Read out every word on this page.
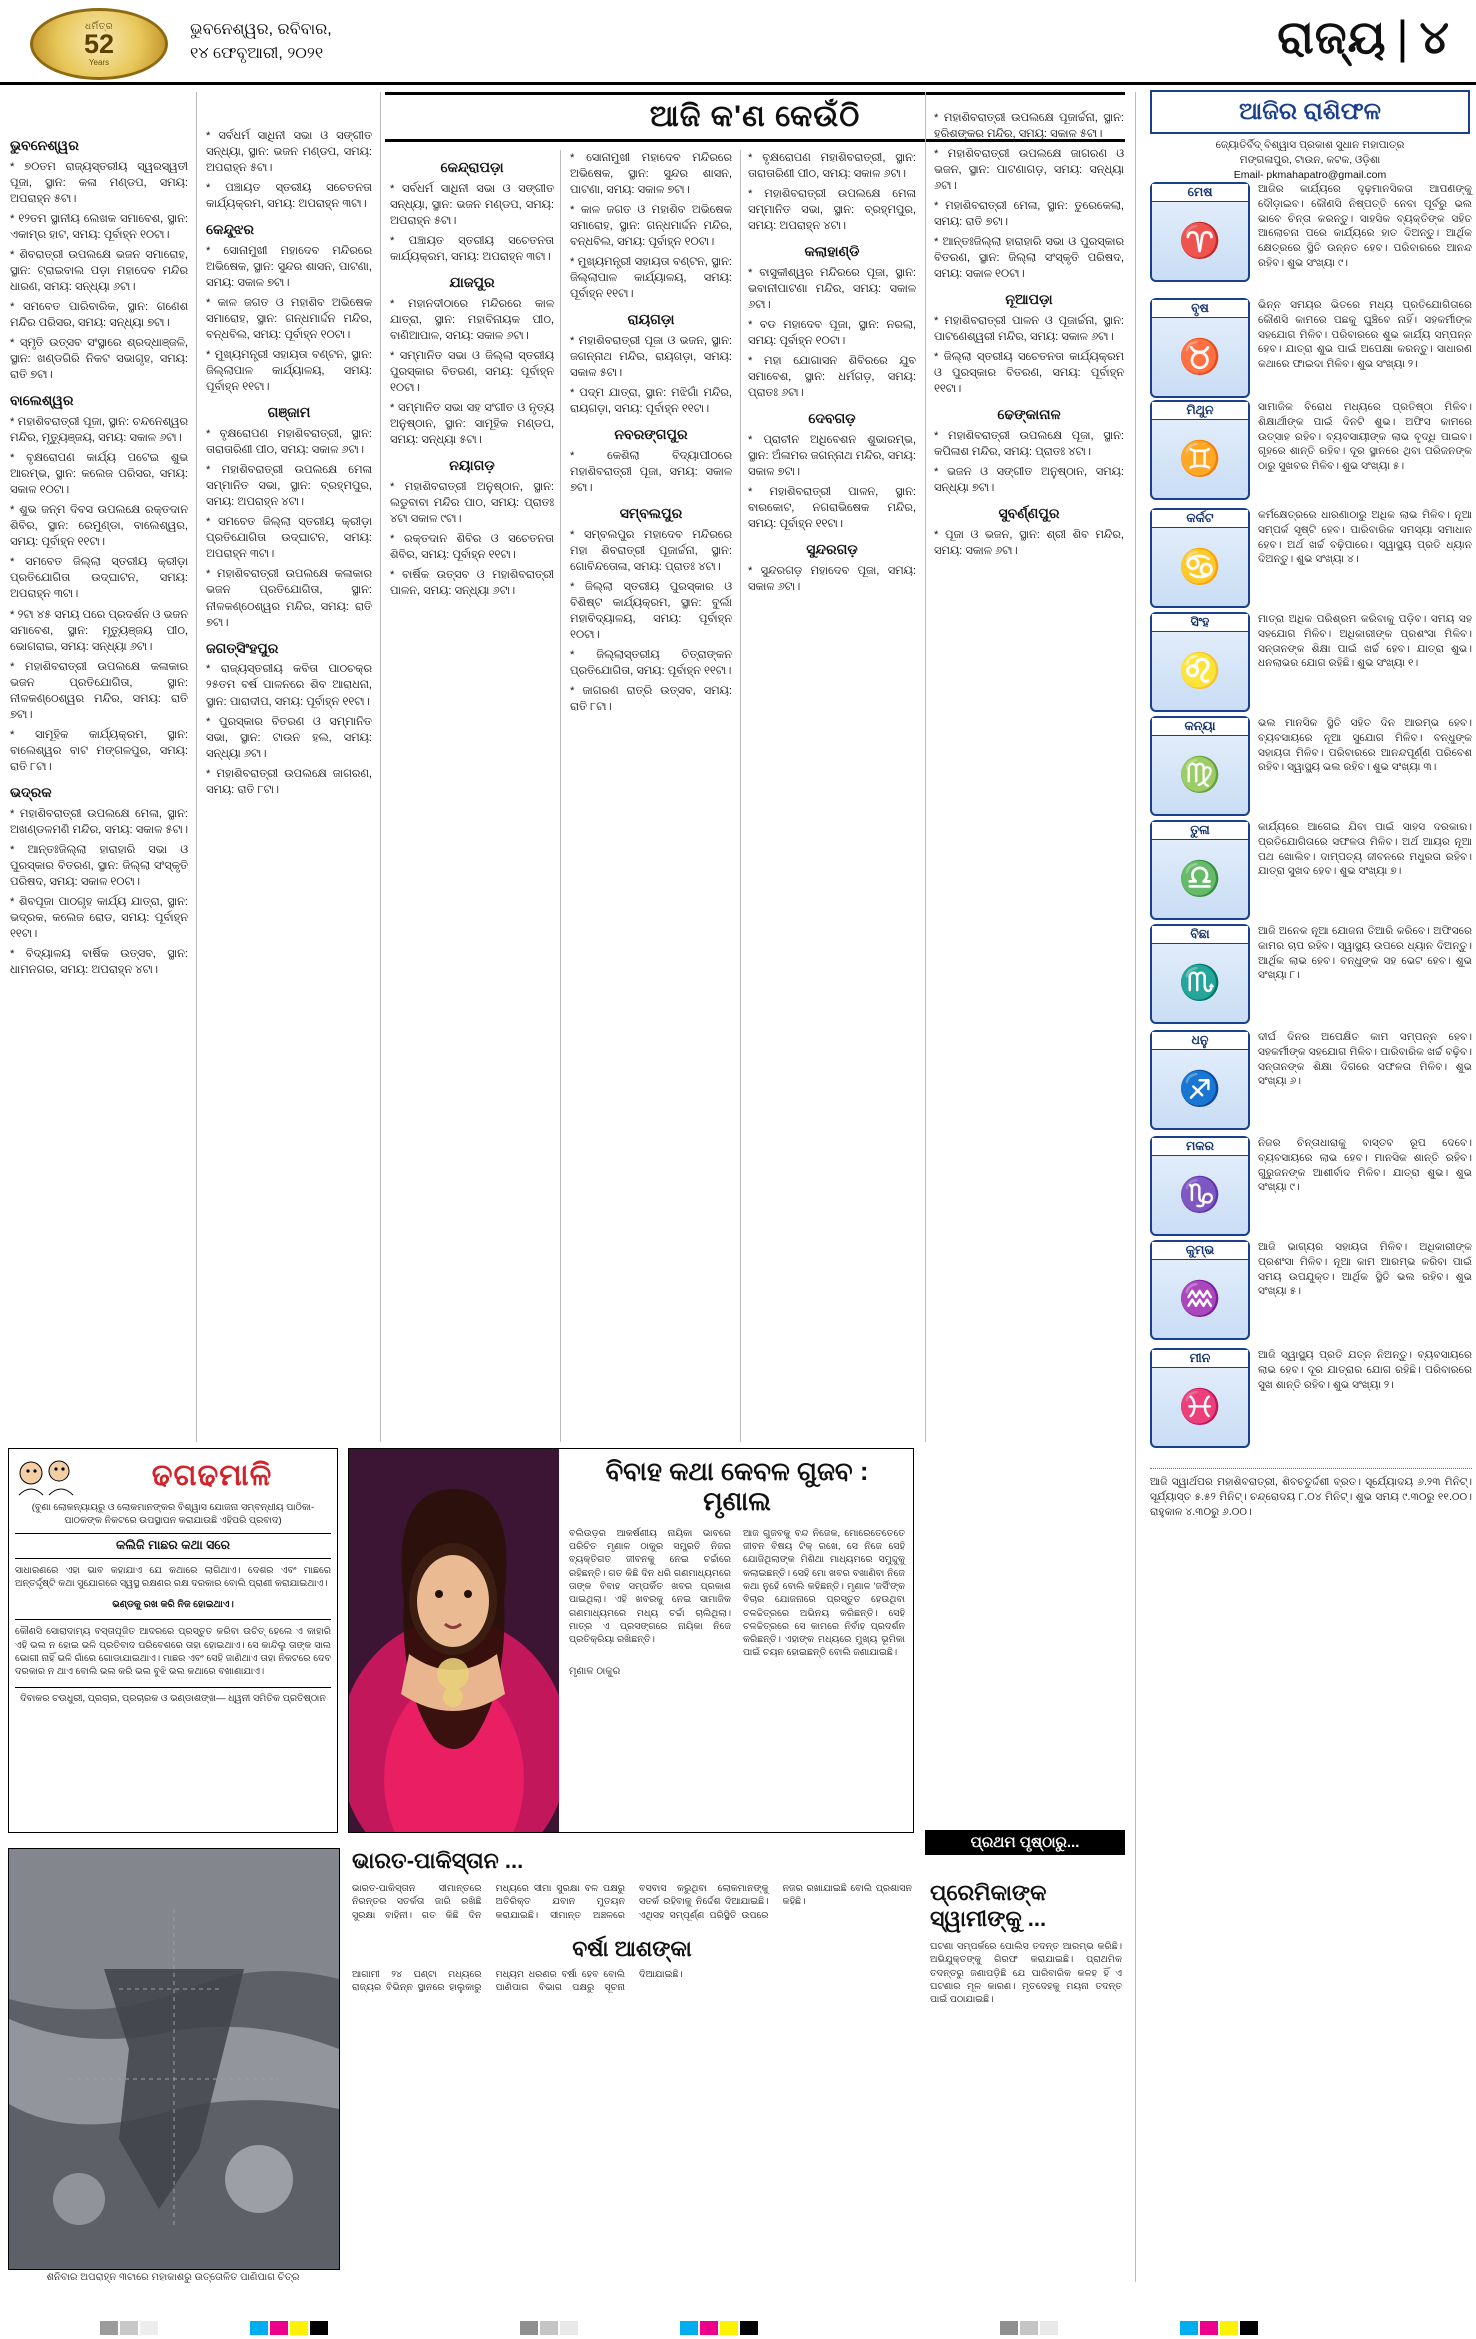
ଧର୍ମିତ୍ର
52
Years
ଭୁବନେଶ୍ୱର, ରବିବାର,
୧୪ ଫେବୃଆରୀ, ୨୦୨୧	ରାଜ୍ୟ | ୪
ଆଜି କ'ଣ କେଉଁଠି
ଭୁବନେଶ୍ୱର

* ୭୦ତମ ରାଜ୍ୟସ୍ତରୀୟ ସ୍ୱରସ୍ୱତୀ ପୂଜା, ସ୍ଥାନ: କଳା ମଣ୍ଡପ, ସମୟ: ଅପରାହ୍ନ ୫ଟା।

* ୧୨ତମ ସ୍ଥାନୀୟ ଲେଖକ ସମାବେଶ, ସ୍ଥାନ: ଏକାମ୍ର ହାଟ, ସମୟ: ପୂର୍ବାହ୍ନ ୧୦ଟା।

* ଶିବରାତ୍ରୀ ଉପଲକ୍ଷେ ଭଜନ ସମାରୋହ, ସ୍ଥାନ: ଟ୍ରାଇବାଲ ପଡ଼ା ମହାଦେବ ମନ୍ଦିର ଧାରଣ, ସମୟ: ସନ୍ଧ୍ୟା ୬ଟା।

* ସମବେତ ପାରିବାରିକ, ସ୍ଥାନ: ଗଣେଶ ମନ୍ଦିର ପରିସର, ସମୟ: ସନ୍ଧ୍ୟା ୭ଟା।

* ସ୍ମୃତି ଉତ୍ସବ ସଂସ୍ଥାରେ ଶ୍ରଦ୍ଧାଞ୍ଜଳି, ସ୍ଥାନ: ଖଣ୍ଡଗିରି ନିକଟ ସଭାଗୃହ, ସମୟ: ରାତି ୭ଟା।

ବାଲେଶ୍ୱର

* ମହାଶିବରାତ୍ରୀ ପୂଜା, ସ୍ଥାନ: ଚନ୍ଦନେଶ୍ୱର ମନ୍ଦିର, ମୃତ୍ୟୁଞ୍ଜୟ, ସମୟ: ସକାଳ ୬ଟା।

* ବୃକ୍ଷରୋପଣ କାର୍ଯ୍ୟ ପଟେଇ ଶୁଭ ଆରମ୍ଭ, ସ୍ଥାନ: କଲେଜ ପରିସର, ସମୟ: ସକାଳ ୧୦ଟା।

* ଶୁଭ ଜନ୍ମ ଦିବସ ଉପଲକ୍ଷେ ରକ୍ତଦାନ ଶିବିର, ସ୍ଥାନ: ରେମୁଣ୍ଡା, ବାଲେଶ୍ୱର, ସମୟ: ପୂର୍ବାହ୍ନ ୧୧ଟା।

* ସମବେତ ଜିଲ୍ଲା ସ୍ତରୀୟ କ୍ରୀଡ଼ା ପ୍ରତିଯୋଗିତା ଉଦ୍‌ଘାଟନ, ସମୟ: ଅପରାହ୍ନ ୩ଟା।

* ୨ଟା ୪୫ ସମୟ ପରେ ପ୍ରଦର୍ଶନ ଓ ଭଜନ ସମାବେଶ, ସ୍ଥାନ: ମୃତ୍ୟୁଞ୍ଜୟ ପୀଠ, ଭୋଗରାଇ, ସମୟ: ସନ୍ଧ୍ୟା ୬ଟା।

* ମହାଶିବରାତ୍ରୀ ଉପଲକ୍ଷେ କଳାକାର ଭଜନ ପ୍ରତିଯୋଗିତା, ସ୍ଥାନ: ନୀଳକଣ୍ଠେଶ୍ୱର ମନ୍ଦିର, ସମୟ: ରାତି ୭ଟା।

* ସାମୂହିକ କାର୍ଯ୍ୟକ୍ରମ, ସ୍ଥାନ: ବାଲେଶ୍ୱର ବାଟ ମଙ୍ଗଳପୁର, ସମୟ: ରାତି ୮ଟା।

ଭଦ୍ରକ

* ମହାଶିବରାତ୍ରୀ ଉପଲକ୍ଷେ ମେଳା, ସ୍ଥାନ: ଅଖଣ୍ଡଳମଣି ମନ୍ଦିର, ସମୟ: ସକାଳ ୫ଟା।

* ଆନ୍ତଃଜିଲ୍ଲା ହାରାହାରି ସଭା ଓ ପୁରସ୍କାର ବିତରଣ, ସ୍ଥାନ: ଜିଲ୍ଲା ସଂସ୍କୃତି ପରିଷଦ, ସମୟ: ସକାଳ ୧୦ଟା।

* ଶିବପୂଜା ପାଠଗୃହ କାର୍ଯ୍ୟ ଯାତ୍ରା, ସ୍ଥାନ: ଭଦ୍ରକ, କଲେଜ ରୋଡ, ସମୟ: ପୂର୍ବାହ୍ନ ୧୧ଟା।

* ବିଦ୍ୟାଳୟ ବାର୍ଷିକ ଉତ୍ସବ, ସ୍ଥାନ: ଧାମନଗର, ସମୟ: ଅପରାହ୍ନ ୪ଟା।

* ସର୍ବଧର୍ମ ସାଧିନୀ ସଭା ଓ ସଙ୍ଗୀତ ସନ୍ଧ୍ୟା, ସ୍ଥାନ: ଭଜନ ମଣ୍ଡପ, ସମୟ: ଅପରାହ୍ନ ୫ଟା।

* ପଞ୍ଚାୟତ ସ୍ତରୀୟ ସଚେତନତା କାର୍ଯ୍ୟକ୍ରମ, ସମୟ: ଅପରାହ୍ନ ୩ଟା।

କେନ୍ଦୁଝର

* ସୋନାମୁଖୀ ମହାଦେବ ମନ୍ଦିରରେ ଅଭିଷେକ, ସ୍ଥାନ: ସୁନ୍ଦର ଶାସନ, ପାଟଣା, ସମୟ: ସକାଳ ୭ଟା।

* କାଳ ଜଗତ ଓ ମହାଶିବ ଅଭିଷେକ ସମାରୋହ, ସ୍ଥାନ: ଗନ୍ଧମାର୍ଦ୍ଦନ ମନ୍ଦିର, ବନ୍ଧବିଲ, ସମୟ: ପୂର୍ବାହ୍ନ ୧୦ଟା।

* ମୁଖ୍ୟମନ୍ତ୍ରୀ ସହାୟତା ବଣ୍ଟନ, ସ୍ଥାନ: ଜିଲ୍ଲାପାଳ କାର୍ଯ୍ୟାଳୟ, ସମୟ: ପୂର୍ବାହ୍ନ ୧୧ଟା।

ଗଞ୍ଜାମ

* ବୃକ୍ଷରୋପଣ ମହାଶିବରାତ୍ରୀ, ସ୍ଥାନ: ତାରାତାରିଣୀ ପୀଠ, ସମୟ: ସକାଳ ୬ଟା।

* ମହାଶିବରାତ୍ରୀ ଉପଲକ୍ଷେ ମେଳା ସମ୍ମାନିତ ସଭା, ସ୍ଥାନ: ବ୍ରହ୍ମପୁର, ସମୟ: ଅପରାହ୍ନ ୪ଟା।

* ସମବେତ ଜିଲ୍ଲା ସ୍ତରୀୟ କ୍ରୀଡ଼ା ପ୍ରତିଯୋଗିତା ଉଦ୍‌ଘାଟନ, ସମୟ: ଅପରାହ୍ନ ୩ଟା।

* ମହାଶିବରାତ୍ରୀ ଉପଲକ୍ଷେ କଳାକାର ଭଜନ ପ୍ରତିଯୋଗିତା, ସ୍ଥାନ: ନୀଳକଣ୍ଠେଶ୍ୱର ମନ୍ଦିର, ସମୟ: ରାତି ୭ଟା।

ଜଗତ୍‌ସିଂହପୁର

* ରାଜ୍ୟସ୍ତରୀୟ କବିତା ପାଠଚକ୍ର ୨୫ତମ ବର୍ଷ ପାଳନରେ ଶିବ ଆରାଧନା, ସ୍ଥାନ: ପାରାଦୀପ, ସମୟ: ପୂର୍ବାହ୍ନ ୧୧ଟା।

* ପୁରସ୍କାର ବିତରଣ ଓ ସମ୍ମାନିତ ସଭା, ସ୍ଥାନ: ଟାଉନ ହଲ, ସମୟ: ସନ୍ଧ୍ୟା ୬ଟା।

* ମହାଶିବରାତ୍ରୀ ଉପଲକ୍ଷେ ଜାଗରଣ, ସମୟ: ରାତି ୮ଟା।

କେନ୍ଦ୍ରାପଡ଼ା

* ସର୍ବଧର୍ମ ସାଧିନୀ ସଭା ଓ ସଙ୍ଗୀତ ସନ୍ଧ୍ୟା, ସ୍ଥାନ: ଭଜନ ମଣ୍ଡପ, ସମୟ: ଅପରାହ୍ନ ୫ଟା।

* ପଞ୍ଚାୟତ ସ୍ତରୀୟ ସଚେତନତା କାର୍ଯ୍ୟକ୍ରମ, ସମୟ: ଅପରାହ୍ନ ୩ଟା।

ଯାଜପୁର

* ମହାନଦୀଠାରେ ମନ୍ଦିରରେ କାଳ ଯାତ୍ରା, ସ୍ଥାନ: ମହାବିନାୟକ ପୀଠ, ବାଣିଆପାଳ, ସମୟ: ସକାଳ ୬ଟା।

* ସମ୍ମାନିତ ସଭା ଓ ଜିଲ୍ଲା ସ୍ତରୀୟ ପୁରସ୍କାର ବିତରଣ, ସମୟ: ପୂର୍ବାହ୍ନ ୧୦ଟା।

* ସମ୍ମାନିତ ସଭା ସହ ସଂଗୀତ ଓ ନୃତ୍ୟ ଅନୁଷ୍ଠାନ, ସ୍ଥାନ: ସାମୂହିକ ମଣ୍ଡପ, ସମୟ: ସନ୍ଧ୍ୟା ୫ଟା।

ନୟାଗଡ଼

* ମହାଶିବରାତ୍ରୀ ଅନୁଷ୍ଠାନ, ସ୍ଥାନ: ଲଡୁବାବା ମନ୍ଦିର ପାଠ, ସମୟ: ପ୍ରାତଃ ୪ଟା ସକାଳ ୯ଟା।

* ରକ୍ତଦାନ ଶିବିର ଓ ସଚେତନତା ଶିବିର, ସମୟ: ପୂର୍ବାହ୍ନ ୧୧ଟା।

* ବାର୍ଷିକ ଉତ୍ସବ ଓ ମହାଶିବରାତ୍ରୀ ପାଳନ, ସମୟ: ସନ୍ଧ୍ୟା ୬ଟା।

* ସୋନାମୁଖୀ ମହାଦେବ ମନ୍ଦିରରେ ଅଭିଷେକ, ସ୍ଥାନ: ସୁନ୍ଦର ଶାସନ, ପାଟଣା, ସମୟ: ସକାଳ ୭ଟା।

* କାଳ ଜଗତ ଓ ମହାଶିବ ଅଭିଷେକ ସମାରୋହ, ସ୍ଥାନ: ଗନ୍ଧମାର୍ଦ୍ଦନ ମନ୍ଦିର, ବନ୍ଧବିଲ, ସମୟ: ପୂର୍ବାହ୍ନ ୧୦ଟା।

* ମୁଖ୍ୟମନ୍ତ୍ରୀ ସହାୟତା ବଣ୍ଟନ, ସ୍ଥାନ: ଜିଲ୍ଲାପାଳ କାର୍ଯ୍ୟାଳୟ, ସମୟ: ପୂର୍ବାହ୍ନ ୧୧ଟା।

ରାୟଗଡ଼ା

* ମହାଶିବରାତ୍ରୀ ପୂଜା ଓ ଭଜନ, ସ୍ଥାନ: ଜଗନ୍ନାଥ ମନ୍ଦିର, ରାୟଗଡ଼ା, ସମୟ: ସକାଳ ୫ଟା।

* ପଦ୍ମ ଯାତ୍ରା, ସ୍ଥାନ: ମଝିଗାଁ ମନ୍ଦିର, ରାୟଗଡ଼ା, ସମୟ: ପୂର୍ବାହ୍ନ ୧୧ଟା।

ନବରଙ୍ଗପୁର

* କେଶିଲା ବିଦ୍ୟାପୀଠରେ ମହାଶିବରାତ୍ରୀ ପୂଜା, ସମୟ: ସକାଳ ୭ଟା।

ସମ୍ବଲପୁର

* ସମ୍ବଲପୁର ମହାଦେବ ମନ୍ଦିରରେ ମହା ଶିବରାତ୍ରୀ ପୂଜାର୍ଚ୍ଚନା, ସ୍ଥାନ: ଗୋବିନ୍ଦତୋଳା, ସମୟ: ପ୍ରାତଃ ୪ଟା।

* ଜିଲ୍ଲା ସ୍ତରୀୟ ପୁରସ୍କାର ଓ ବିଶିଷ୍ଟ କାର୍ଯ୍ୟକ୍ରମ, ସ୍ଥାନ: ବୁର୍ଲା ମହାବିଦ୍ୟାଳୟ, ସମୟ: ପୂର୍ବାହ୍ନ ୧୦ଟା।

* ଜିଲ୍ଲାସ୍ତରୀୟ ଚିତ୍ରାଙ୍କନ ପ୍ରତିଯୋଗିତା, ସମୟ: ପୂର୍ବାହ୍ନ ୧୧ଟା।

* ଜାଗରଣ ରାତ୍ରି ଉତ୍ସବ, ସମୟ: ରାତି ୮ଟା।

* ବୃକ୍ଷରୋପଣ ମହାଶିବରାତ୍ରୀ, ସ୍ଥାନ: ତାରାତାରିଣୀ ପୀଠ, ସମୟ: ସକାଳ ୬ଟା।

* ମହାଶିବରାତ୍ରୀ ଉପଲକ୍ଷେ ମେଳା ସମ୍ମାନିତ ସଭା, ସ୍ଥାନ: ବ୍ରହ୍ମପୁର, ସମୟ: ଅପରାହ୍ନ ୪ଟା।

କଲାହାଣ୍ଡି

* ବାସୁକୀଶ୍ୱର ମନ୍ଦିରରେ ପୂଜା, ସ୍ଥାନ: ଭବାନୀପାଟଣା ମନ୍ଦିର, ସମୟ: ସକାଳ ୬ଟା।

* ବଡ ମହାଦେବ ପୂଜା, ସ୍ଥାନ: ନରଲା, ସମୟ: ପୂର୍ବାହ୍ନ ୧୦ଟା।

* ମହା ଯୋଗାସନ ଶିବିରରେ ଯୁବ ସମାବେଶ, ସ୍ଥାନ: ଧର୍ମଗଡ଼, ସମୟ: ପ୍ରାତଃ ୬ଟା।

ଦେବଗଡ଼

* ପ୍ରାଚୀନ ଅଧିବେଶନ ଶୁଭାରମ୍ଭ, ସ୍ଥାନ: ଅଁଳାମର ଜଗନ୍ନାଥ ମନ୍ଦିର, ସମୟ: ସକାଳ ୭ଟା।

* ମହାଶିବରାତ୍ରୀ ପାଳନ, ସ୍ଥାନ: ବାରକୋଟ, ନଗରାଭିଷେକ ମନ୍ଦିର, ସମୟ: ପୂର୍ବାହ୍ନ ୧୧ଟା।

ସୁନ୍ଦରଗଡ଼

* ସୁନ୍ଦରଗଡ଼ ମହାଦେବ ପୂଜା, ସମୟ: ସକାଳ ୬ଟା।

* ମହାଶିବରାତ୍ରୀ ଉପଲକ୍ଷେ ପୂଜାର୍ଚ୍ଚନା, ସ୍ଥାନ: ହରିଶଙ୍କର ମନ୍ଦିର, ସମୟ: ସକାଳ ୫ଟା।

* ମହାଶିବରାତ୍ରୀ ଉପଲକ୍ଷେ ଜାଗରଣ ଓ ଭଜନ, ସ୍ଥାନ: ପାଟଣାଗଡ଼, ସମୟ: ସନ୍ଧ୍ୟା ୬ଟା।

* ମହାଶିବରାତ୍ରୀ ମେଳା, ସ୍ଥାନ: ତୁରେକେଲା, ସମୟ: ରାତି ୭ଟା।

* ଆନ୍ତଃଜିଲ୍ଲା ହାରାହାରି ସଭା ଓ ପୁରସ୍କାର ବିତରଣ, ସ୍ଥାନ: ଜିଲ୍ଲା ସଂସ୍କୃତି ପରିଷଦ, ସମୟ: ସକାଳ ୧୦ଟା।

ନୂଆପଡ଼ା

* ମହାଶିବରାତ୍ରୀ ପାଳନ ଓ ପୂଜାର୍ଚ୍ଚନା, ସ୍ଥାନ: ପାଟଣେଶ୍ୱରୀ ମନ୍ଦିର, ସମୟ: ସକାଳ ୬ଟା।

* ଜିଲ୍ଲା ସ୍ତରୀୟ ସଚେତନତା କାର୍ଯ୍ୟକ୍ରମ ଓ ପୁରସ୍କାର ବିତରଣ, ସମୟ: ପୂର୍ବାହ୍ନ ୧୧ଟା।

ଢେଙ୍କାନାଳ

* ମହାଶିବରାତ୍ରୀ ଉପଲକ୍ଷେ ପୂଜା, ସ୍ଥାନ: କପିଳାଶ ମନ୍ଦିର, ସମୟ: ପ୍ରାତଃ ୪ଟା।

* ଭଜନ ଓ ସଙ୍ଗୀତ ଅନୁଷ୍ଠାନ, ସମୟ: ସନ୍ଧ୍ୟା ୭ଟା।

ସୁବର୍ଣ୍ଣପୁର

* ପୂଜା ଓ ଭଜନ, ସ୍ଥାନ: ଶ୍ରୀ ଶିବ ମନ୍ଦିର, ସମୟ: ସକାଳ ୬ଟା।

ଆଜିର ରାଶିଫଳ
ଜ୍ୟୋତିର୍ବିଦ୍‌ ବିଶ୍ୱାସ ପ୍ରକାଶ ସୁଧାନ ମହାପାତ୍ର
ମଙ୍ଗଳାପୁର, ଟାଉନ, କଟକ, ଓଡ଼ିଶା
Email- pkmahapatro@gmail.com
ମେଷ
♈
ଆଜିର କାର୍ଯ୍ୟରେ ଦୃଢ଼ମାନସିକତା ଆପଣଙ୍କୁ ଦୌଡ଼ାଇବ। କୌଣସି ନିଷ୍ପତ୍ତି ନେବା ପୂର୍ବରୁ ଭଲ ଭାବେ ଚିନ୍ତା କରନ୍ତୁ। ସାହସିକ ବ୍ୟକ୍ତିଙ୍କ ସହିତ ଆଲୋଚନା ପରେ କାର୍ଯ୍ୟରେ ହାତ ଦିଅନ୍ତୁ। ଆର୍ଥିକ କ୍ଷେତ୍ରରେ ସ୍ଥିତି ଉନ୍ନତ ହେବ। ପରିବାରରେ ଆନନ୍ଦ ରହିବ। ଶୁଭ ସଂଖ୍ୟା ୯।
ବୃଷ
♉
ଭିନ୍ନ ସମୟର ଭିତରେ ମଧ୍ୟ ପ୍ରତିଯୋଗିତାରେ କୌଣସି କାମରେ ପଛକୁ ଘୁଞ୍ଚିବେ ନାହିଁ। ସହକର୍ମୀଙ୍କ ସହଯୋଗ ମିଳିବ। ପରିବାରରେ ଶୁଭ କାର୍ଯ୍ୟ ସମ୍ପନ୍ନ ହେବ। ଯାତ୍ରା ଶୁଭ ପାଇଁ ଅପେକ୍ଷା କରନ୍ତୁ। ସାଧାରଣ କଥାରେ ଫାଇଦା ମିଳିବ। ଶୁଭ ସଂଖ୍ୟା ୨।
ମିଥୁନ
♊
ସାମାଜିକ ବିରୋଧ ମଧ୍ୟରେ ପ୍ରତିଷ୍ଠା ମିଳିବ। ଶିକ୍ଷାର୍ଥୀଙ୍କ ପାଇଁ ଦିନଟି ଶୁଭ। ଅଫିସ କାମରେ ଉତ୍ସାହ ରହିବ। ବ୍ୟବସାୟୀଙ୍କ ଲାଭ ବୃଦ୍ଧି ପାଇବ। ଗୃହରେ ଶାନ୍ତି ରହିବ। ଦୂର ସ୍ଥାନରେ ଥିବା ପରିଜନଙ୍କ ଠାରୁ ସୁଖବର ମିଳିବ। ଶୁଭ ସଂଖ୍ୟା ୫।
କର୍କଟ
♋
କର୍ମକ୍ଷେତ୍ରରେ ଧାରଣାଠାରୁ ଅଧିକ ଲାଭ ମିଳିବ। ନୂଆ ସମ୍ପର୍କ ସୃଷ୍ଟି ହେବ। ପାରିବାରିକ ସମସ୍ୟା ସମାଧାନ ହେବ। ଅର୍ଥ ଖର୍ଚ୍ଚ ବଢ଼ିପାରେ। ସ୍ୱାସ୍ଥ୍ୟ ପ୍ରତି ଧ୍ୟାନ ଦିଅନ୍ତୁ। ଶୁଭ ସଂଖ୍ୟା ୪।
ସିଂହ
♌
ମାତ୍ରା ଅଧିକ ପରିଶ୍ରମ କରିବାକୁ ପଡ଼ିବ। ସମୟ ସହ ସହଯୋଗ ମିଳିବ। ଅଧିକାରୀଙ୍କ ପ୍ରଶଂସା ମିଳିବ। ସନ୍ତାନଙ୍କ ଶିକ୍ଷା ପାଇଁ ଖର୍ଚ୍ଚ ହେବ। ଯାତ୍ରା ଶୁଭ। ଧନଲାଭର ଯୋଗ ରହିଛି। ଶୁଭ ସଂଖ୍ୟା ୧।
କନ୍ୟା
♍
ଭଲ ମାନସିକ ସ୍ଥିତି ସହିତ ଦିନ ଆରମ୍ଭ ହେବ। ବ୍ୟବସାୟରେ ନୂଆ ସୁଯୋଗ ମିଳିବ। ବନ୍ଧୁଙ୍କ ସହାୟତା ମିଳିବ। ପରିବାରରେ ଆନନ୍ଦପୂର୍ଣ୍ଣ ପରିବେଶ ରହିବ। ସ୍ୱାସ୍ଥ୍ୟ ଭଲ ରହିବ। ଶୁଭ ସଂଖ୍ୟା ୩।
ତୁଳା
♎
କାର୍ଯ୍ୟରେ ଆଗେଇ ଯିବା ପାଇଁ ସାହସ ଦରକାର। ପ୍ରତିଯୋଗିତାରେ ସଫଳତା ମିଳିବ। ଅର୍ଥ ଆୟର ନୂଆ ପଥ ଖୋଲିବ। ଦାମ୍ପତ୍ୟ ଜୀବନରେ ମଧୁରତା ରହିବ। ଯାତ୍ରା ସୁଖଦ ହେବ। ଶୁଭ ସଂଖ୍ୟା ୭।
ବିଛା
♏
ଆଜି ଅନେକ ନୂଆ ଯୋଜନା ତିଆରି କରିବେ। ଅଫିସରେ କାମର ଚାପ ରହିବ। ସ୍ୱାସ୍ଥ୍ୟ ଉପରେ ଧ୍ୟାନ ଦିଅନ୍ତୁ। ଆର୍ଥିକ ଲାଭ ହେବ। ବନ୍ଧୁଙ୍କ ସହ ଭେଟ ହେବ। ଶୁଭ ସଂଖ୍ୟା ୮।
ଧନୁ
♐
ଦୀର୍ଘ ଦିନର ଅପେକ୍ଷିତ କାମ ସମ୍ପନ୍ନ ହେବ। ସହକର୍ମୀଙ୍କ ସହଯୋଗ ମିଳିବ। ପାରିବାରିକ ଖର୍ଚ୍ଚ ବଢ଼ିବ। ସନ୍ତାନଙ୍କ ଶିକ୍ଷା ଦିଗରେ ସଫଳତା ମିଳିବ। ଶୁଭ ସଂଖ୍ୟା ୬।
ମକର
♑
ନିଜର ଚିନ୍ତାଧାରାକୁ ବାସ୍ତବ ରୂପ ଦେବେ। ବ୍ୟବସାୟରେ ଲାଭ ହେବ। ମାନସିକ ଶାନ୍ତି ରହିବ। ଗୁରୁଜନଙ୍କ ଆଶୀର୍ବାଦ ମିଳିବ। ଯାତ୍ରା ଶୁଭ। ଶୁଭ ସଂଖ୍ୟା ୯।
କୁମ୍ଭ
♒
ଆଜି ଭାଗ୍ୟର ସହାୟତା ମିଳିବ। ଅଧିକାରୀଙ୍କ ପ୍ରଶଂସା ମିଳିବ। ନୂଆ କାମ ଆରମ୍ଭ କରିବା ପାଇଁ ସମୟ ଉପଯୁକ୍ତ। ଆର୍ଥିକ ସ୍ଥିତି ଭଲ ରହିବ। ଶୁଭ ସଂଖ୍ୟା ୫।
ମୀନ
♓
ଆଜି ସ୍ୱାସ୍ଥ୍ୟ ପ୍ରତି ଯତ୍ନ ନିଅନ୍ତୁ। ବ୍ୟବସାୟରେ ଲାଭ ହେବ। ଦୂର ଯାତ୍ରାର ଯୋଗ ରହିଛି। ପରିବାରରେ ସୁଖ ଶାନ୍ତି ରହିବ। ଶୁଭ ସଂଖ୍ୟା ୨।
ଆଜି ସ୍ୱାର୍ଥପର ମହାଶିବରାତ୍ରୀ, ଶିବଚତୁର୍ଦ୍ଦଶୀ ବ୍ରତ। ସୂର୍ଯ୍ୟୋଦୟ ୬.୨୩ ମିନିଟ୍‌। ସୂର୍ଯ୍ୟାସ୍ତ ୫.୫୨ ମିନିଟ୍‌। ଚନ୍ଦ୍ରୋଦୟ ୮.୦୪ ମିନିଟ୍‌। ଶୁଭ ସମୟ ୯.୩୦ରୁ ୧୧.୦୦। ରାହୁକାଳ ୪.୩୦ରୁ ୬.୦୦।
ଢଗଢମାଳି
(ବୁଣା ଲୋକନ୍ୟାୟରୁ ଓ ଲୋକମାନଙ୍କର ବିଶ୍ୱାସ ଯୋଜନା ସମ୍ବନ୍ଧୀୟ ପାଠିକା-ପାଠକଙ୍କ ନିକଟରେ ଉପସ୍ଥାପନ କରାଯାଉଛି ଏହିପରି ପ୍ରବାଦ)
କଲିଜି ମାଛର କଥା ସରେ
ସାଧାରଣରେ ଏହା ଭାବ କହାଯାଏ ଯେ କଥାରେ ଲାଗିଥାଏ। ଦେଶର ଏବଂ ମାଛରେ ଅନ୍ତର୍ଦ୍ଦୃଷ୍ଟି କଥା ସୁଯୋଗରେ ସ୍ୱସ୍ଥ ରକ୍ଷଣର ରକ୍ଷ ଦରକାର ବୋଲି ପ୍ରାଣୀ କରାଯାଇଥାଏ।
ଭଣ୍ଡକୁ ରଖ କରି ନିଜ ହୋଇଥାଏ।
କୌଣସି ସୋରାଦାମ୍ୟ ବସ୍ତାପୂଜିତ ଆଦରରେ ପ୍ରସ୍ତୁତ କରିବା ଉଚିତ୍ ହେଲେ ଏ କାହାରି ଏହି ଭଲ ନ ହୋଇ ଭଳି ପ୍ରତିବାଦ ପରିବେଶରେ ତାହା ହୋଇଥାଏ। ସେ କାନ୍ଦିଲୁ ତାଙ୍କ ସାଲ ଭୋଗୀ ନାହିଁ ଭଳି ଗାଁରେ ଗୋଡାଯାଇଥାଏ। ମାଛର ଏବଂ ସେହି ଜାଣିଥାଏ ତାହା ନିକଟରେ ଦେବ ଦରକାର ନ ଥାଏ ବୋଲି ଭଲ କରି ଭଲ ବୁଝି ଭଲ କଥାରେ ବଖାଣାଯାଏ।
ଦିବାକର ଚଉଧୁରୀ, ପ୍ରଚାର, ପ୍ରଚାରକ ଓ ଭଣ୍ଡାଶଙ୍ଖ— ଧ୍ୱନୀ ସମିତିକ ପ୍ରତିଷ୍ଠାନ
ବିବାହ କଥା କେବଳ ଗୁଜବ : ମୃଣାଲ
ବଲିଉଡ଼ର ଆକର୍ଷଣୀୟ ନାୟିକା ଭାବରେ ପରିଚିତ ମୃଣାଳ ଠାକୁର ସମ୍ପ୍ରତି ନିଜର ବ୍ୟକ୍ତିଗତ ଜୀବନକୁ ନେଇ ଚର୍ଚ୍ଚାରେ ରହିଛନ୍ତି। ଗତ କିଛି ଦିନ ଧରି ଗଣମାଧ୍ୟମରେ ତାଙ୍କ ବିବାହ ସମ୍ପର୍କିତ ଖବର ପ୍ରକାଶ ପାଇଥିଲା। ଏହି ଖବରକୁ ନେଇ ସାମାଜିକ ଗଣମାଧ୍ୟମରେ ମଧ୍ୟ ଚର୍ଚ୍ଚା ଚାଲିଥିଲା। ମାତ୍ର ଏ ପ୍ରସଙ୍ଗରେ ନାୟିକା ନିଜେ ପ୍ରତିକ୍ରିୟା ରଖିଛନ୍ତି।
ଆଜ ଗୁଜବକୁ ବନ୍ଦ ନିଜେକ, ମୋରେତେତେତେ ଜୀବନ ବିଷୟ ଟିକ୍ ରଖେ, ସେ ନିଜେ ସେହି ଯୋଜିଥିଲାଙ୍କ ମିଶିଥା ମାଧ୍ୟମରେ ସମୁଦ୍ଦୁକୁ କଲାଇଛନ୍ତି। ସେହି ମୋ ଖବର ବଖାଣିବା ନିଜେ କଥା ନୁହେଁ ବୋଲି କହିଛନ୍ତି। ମୃଣାଳ 'ଜର୍ସି'ଙ୍କ ବିଚାର ଯୋଜନାରେ ପ୍ରସ୍ତୁତ ହେଉଥିବା ଚଳଚ୍ଚିତ୍ରରେ ଅଭିନୟ କରିଛନ୍ତି। ସେହି ଚଳଚ୍ଚିତ୍ରରେ ସେ କାମରେ ନିର୍ବାହ ପ୍ରଦର୍ଶନ କରିଛନ୍ତି। ଏହାଙ୍କ ମଧ୍ୟରେ ମୁଖ୍ୟ ଭୂମିକା ପାଇଁ ଚୟନ ହୋଇଛନ୍ତି ବୋଲି ଜଣାଯାଇଛି।
ମୃଣାଳ ଠାକୁର
ପ୍ରଥମ ପୃଷ୍ଠାରୁ...
ଶନିବାର ଅପରାହ୍ନ ୩ଟାରେ ମହାକାଶରୁ ଉତ୍ତୋଳିତ ପାଣିପାଗ ଚିତ୍ର
ଭାରତ-ପାକିସ୍ତାନ ...
ଭାରତ-ପାକିସ୍ତାନ ସୀମାନ୍ତରେ ନିରନ୍ତର ସତର୍କତା ଜାରି ରଖିଛି ସୁରକ୍ଷା ବାହିନୀ। ଗତ କିଛି ଦିନ ମଧ୍ୟରେ ସୀମା ସୁରକ୍ଷା ବଳ ପକ୍ଷରୁ ଅତିରିକ୍ତ ଯବାନ ମୁତୟନ କରାଯାଇଛି। ସୀମାନ୍ତ ଅଞ୍ଚଳରେ ବସବାସ କରୁଥିବା ଲୋକମାନଙ୍କୁ ସତର୍କ ରହିବାକୁ ନିର୍ଦ୍ଦେଶ ଦିଆଯାଇଛି। ଏଥିସହ ସମ୍ପୂର୍ଣ୍ଣ ପରିସ୍ଥିତି ଉପରେ ନଜର ରଖାଯାଇଛି ବୋଲି ପ୍ରଶାସନ କହିଛି।
ବର୍ଷା ଆଶଙ୍କା
ଆଗାମୀ ୨୪ ଘଣ୍ଟା ମଧ୍ୟରେ ରାଜ୍ୟର ବିଭିନ୍ନ ସ୍ଥାନରେ ହାଲୁକାରୁ ମଧ୍ୟମ ଧରଣର ବର୍ଷା ହେବ ବୋଲି ପାଣିପାଗ ବିଭାଗ ପକ୍ଷରୁ ସୂଚନା ଦିଆଯାଇଛି।
ପ୍ରେମିକାଙ୍କ ସ୍ୱାମୀଙ୍କୁ ...
ଘଟଣା ସମ୍ପର୍କରେ ପୋଲିସ ତଦନ୍ତ ଆରମ୍ଭ କରିଛି। ଅଭିଯୁକ୍ତଙ୍କୁ ଗିରଫ କରାଯାଇଛି। ପ୍ରାଥମିକ ତଦନ୍ତରୁ ଜଣାପଡ଼ିଛି ଯେ ପାରିବାରିକ କଳହ ହିଁ ଏ ଘଟଣାର ମୂଳ କାରଣ। ମୃତଦେହକୁ ମୟନା ତଦନ୍ତ ପାଇଁ ପଠାଯାଇଛି।
